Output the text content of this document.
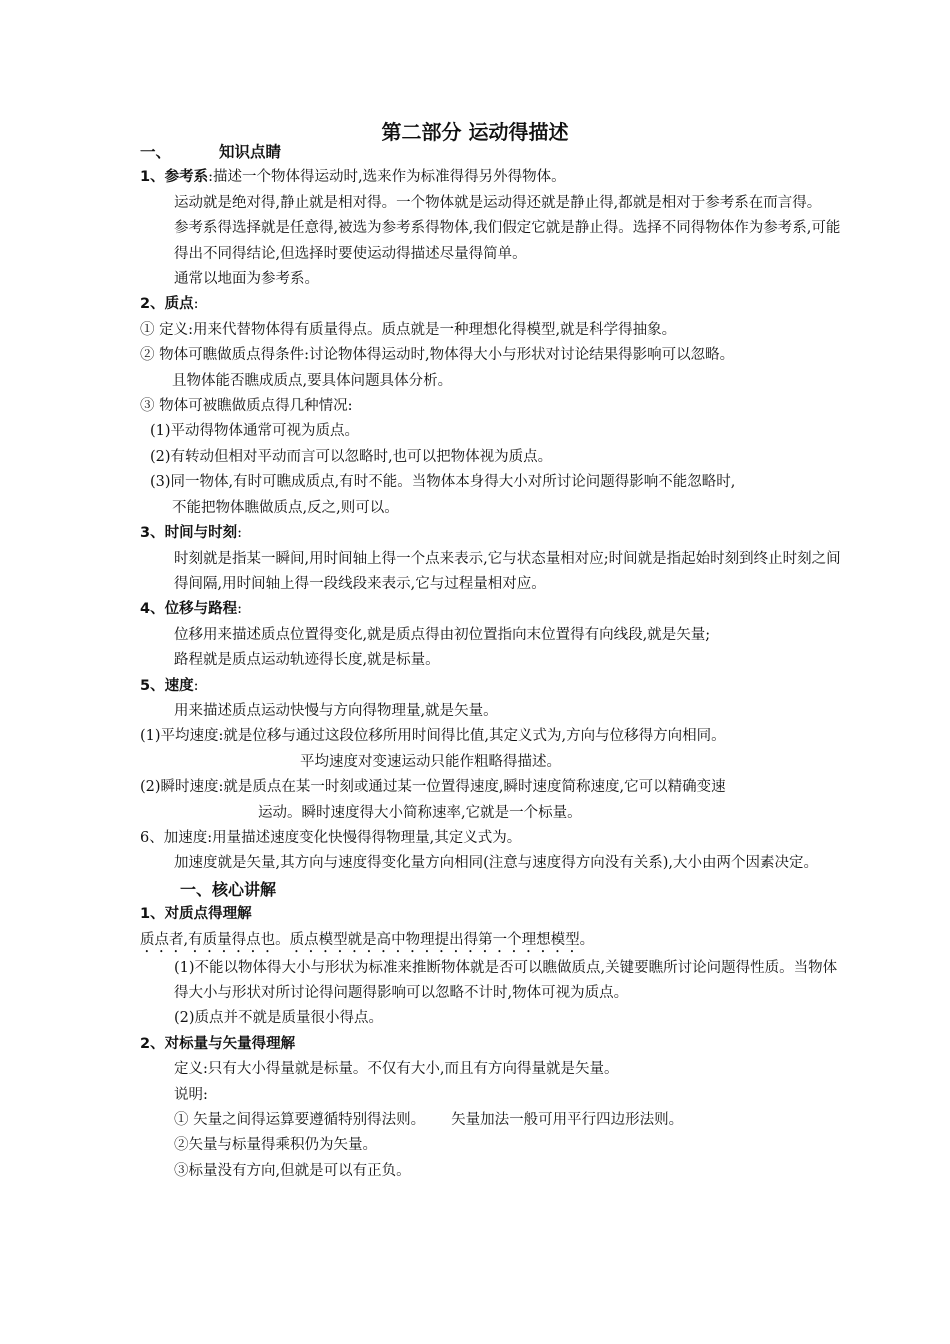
第二部分 运动得描述

一、	知识点睛

1、参考系:描述一个物体得运动时,选来作为标准得得另外得物体。

运动就是绝对得,静止就是相对得。一个物体就是运动得还就是静止得,都就是相对于参考系在而言得。

参考系得选择就是任意得,被选为参考系得物体,我们假定它就是静止得。选择不同得物体作为参考系,可能得出不同得结论,但选择时要使运动得描述尽量得简单。

通常以地面为参考系。

2、质点:

① 定义:用来代替物体得有质量得点。质点就是一种理想化得模型,就是科学得抽象。

② 物体可瞧做质点得条件:讨论物体得运动时,物体得大小与形状对讨论结果得影响可以忽略。

且物体能否瞧成质点,要具体问题具体分析。

③ 物体可被瞧做质点得几种情况:

(1)平动得物体通常可视为质点。

(2)有转动但相对平动而言可以忽略时,也可以把物体视为质点。

(3)同一物体,有时可瞧成质点,有时不能。当物体本身得大小对所讨论问题得影响不能忽略时,

不能把物体瞧做质点,反之,则可以。

3、时间与时刻:

时刻就是指某一瞬间,用时间轴上得一个点来表示,它与状态量相对应;时间就是指起始时刻到终止时刻之间得间隔,用时间轴上得一段线段来表示,它与过程量相对应。

4、位移与路程:

位移用来描述质点位置得变化,就是质点得由初位置指向末位置得有向线段,就是矢量;

路程就是质点运动轨迹得长度,就是标量。

5、速度:

用来描述质点运动快慢与方向得物理量,就是矢量。

(1)平均速度:就是位移与通过这段位移所用时间得比值,其定义式为,方向与位移得方向相同。

平均速度对变速运动只能作粗略得描述。

(2)瞬时速度:就是质点在某一时刻或通过某一位置得速度,瞬时速度简称速度,它可以精确变速

运动。瞬时速度得大小简称速率,它就是一个标量。

6、加速度:用量描述速度变化快慢得得物理量,其定义式为。

加速度就是矢量,其方向与速度得变化量方向相同(注意与速度得方向没有关系),大小由两个因素决定。

一、核心讲解

1、对质点得理解

质点者,有质量得点也。质点模型就是高中物理提出得第一个理想模型。

(1)不能以物体得大小与形状为标准来推断物体就是否可以瞧做质点,关键要瞧所讨论问题得性质。当物体得大小与形状对所讨论得问题得影响可以忽略不计时,物体可视为质点。

(2)质点并不就是质量很小得点。

2、对标量与矢量得理解

定义:只有大小得量就是标量。不仅有大小,而且有方向得量就是矢量。

说明:

① 矢量之间得运算要遵循特别得法则。 矢量加法一般可用平行四边形法则。

②矢量与标量得乘积仍为矢量。

③标量没有方向,但就是可以有正负。
